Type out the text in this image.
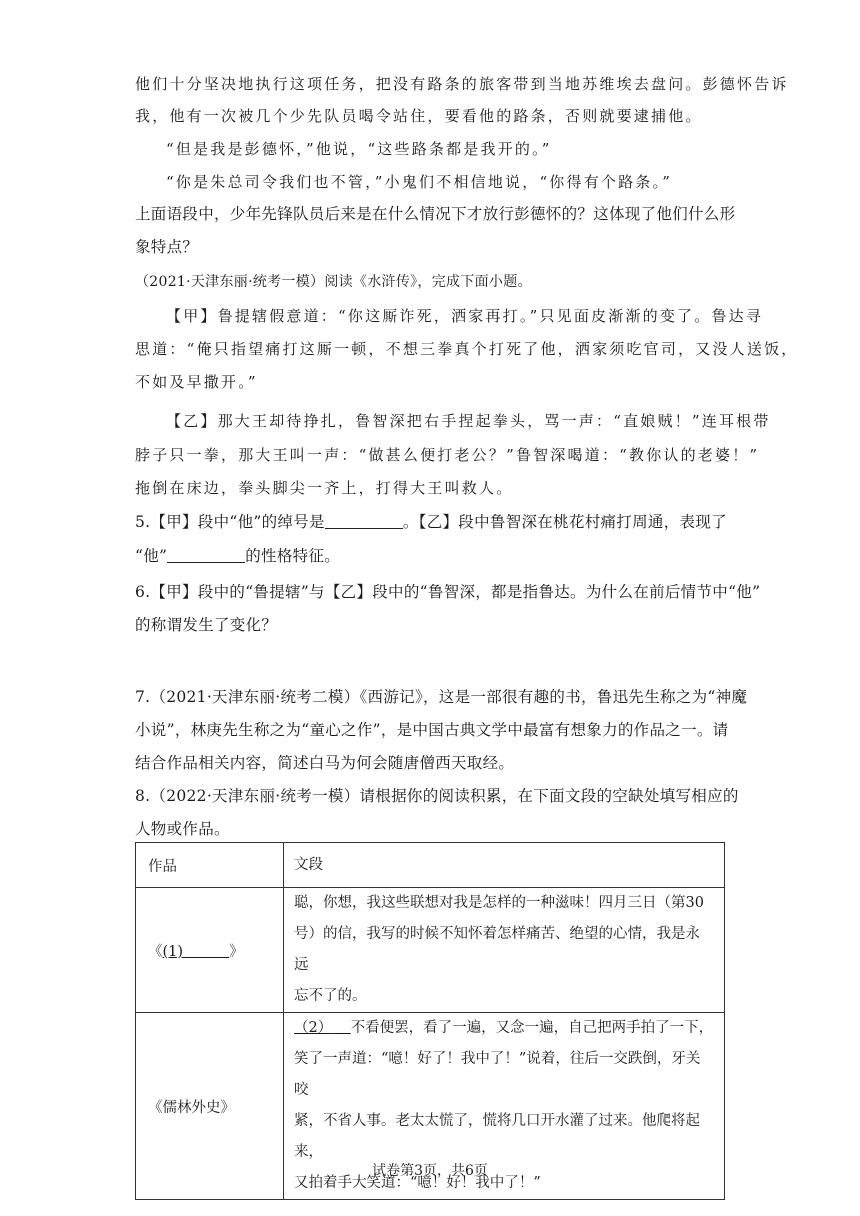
他们十分坚决地执行这项任务，把没有路条的旅客带到当地苏维埃去盘问。彭德怀告诉
我，他有一次被几个少先队员喝令站住，要看他的路条，否则就要逮捕他。
“但是我是彭德怀，”他说，“这些路条都是我开的。”
“你是朱总司令我们也不管，”小鬼们不相信地说，“你得有个路条。”
上面语段中，少年先锋队员后来是在什么情况下才放行彭德怀的？这体现了他们什么形
象特点？
（2021·天津东丽·统考一模）阅读《水浒传》，完成下面小题。
【甲】鲁提辖假意道：“你这厮诈死，洒家再打。”只见面皮渐渐的变了。鲁达寻
思道：“俺只指望痛打这厮一顿，不想三拳真个打死了他，洒家须吃官司，又没人送饭，
不如及早撒开。”
【乙】那大王却待挣扎，鲁智深把右手捏起拳头，骂一声：“直娘贼！”连耳根带
脖子只一拳，那大王叫一声：“做甚么便打老公？”鲁智深喝道：“教你认的老婆！”
拖倒在床边，拳头脚尖一齐上，打得大王叫救人。
5.【甲】段中“他”的绰号是	。【乙】段中鲁智深在桃花村痛打周通，表现了
“他”	的性格特征。
6.【甲】段中的“鲁提辖”与【乙】段中的“鲁智深，都是指鲁达。为什么在前后情节中“他”
的称谓发生了变化？
7.（2021·天津东丽·统考二模）《西游记》，这是一部很有趣的书，鲁迅先生称之为“神魔
小说”，林庚先生称之为“童心之作”，是中国古典文学中最富有想象力的作品之一。请
结合作品相关内容，简述白马为何会随唐僧西天取经。
8.（2022·天津东丽·统考一模）请根据你的阅读积累，在下面文段的空缺处填写相应的
人物或作品。
作品	文段
《(1) 》	聪，你想，我这些联想对我是怎样的一种滋味！四月三日（第30
号）的信，我写的时候不知怀着怎样痛苦、绝望的心情，我是永远
忘不了的。

《儒林外史》	（2） 不看便罢，看了一遍，又念一遍，自己把两手拍了一下，
笑了一声道：“噫！好了！我中了！”说着，往后一交跌倒，牙关咬
紧，不省人事。老太太慌了，慌将几口开水灌了过来。他爬将起来，
又拍着手大笑道：“噫！好！我中了！”
试卷第3页，共6页
